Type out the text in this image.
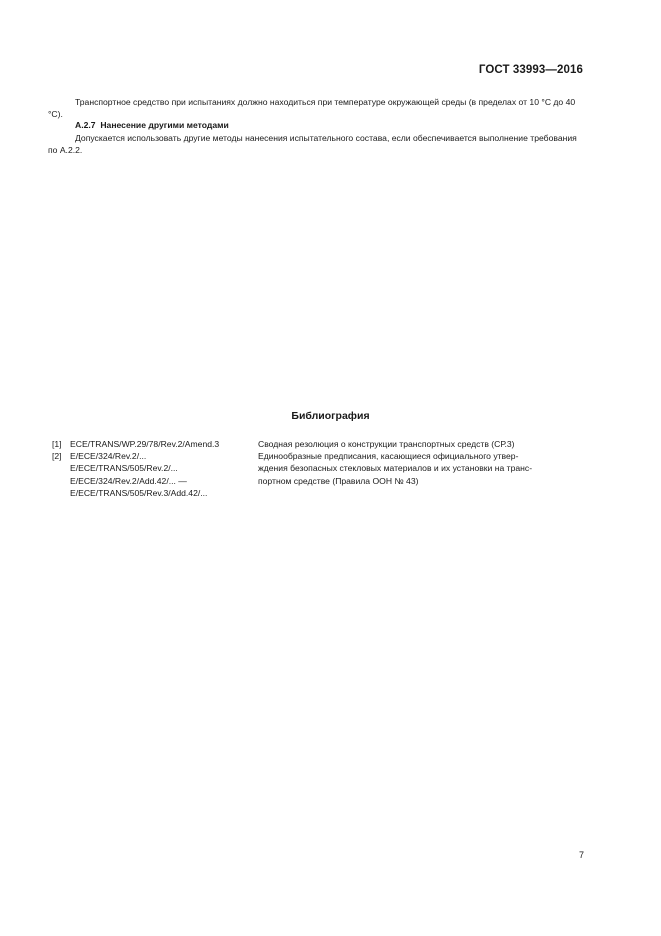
ГОСТ 33993—2016

Транспортное средство при испытаниях должно находиться при температуре окружающей среды (в пределах от 10 °С до 40 °С).

А.2.7 Нанесение другими методами

Допускается использовать другие методы нанесения испытательного состава, если обеспечивается выполнение требования по А.2.2.

Библиография
[1] ECE/TRANS/WP.29/78/Rev.2/Amend.3	Сводная резолюция о конструкции транспортных средств (СР.3)
[2] E/ECE/324/Rev.2/...
E/ECE/TRANS/505/Rev.2/...
E/ECE/324/Rev.2/Add.42/... —
E/ECE/TRANS/505/Rev.3/Add.42/...
Единообразные предписания, касающиеся официального утвер-
ждения безопасных стекловых материалов и их установки на транс-
портном средстве (Правила ООН № 43)
7
